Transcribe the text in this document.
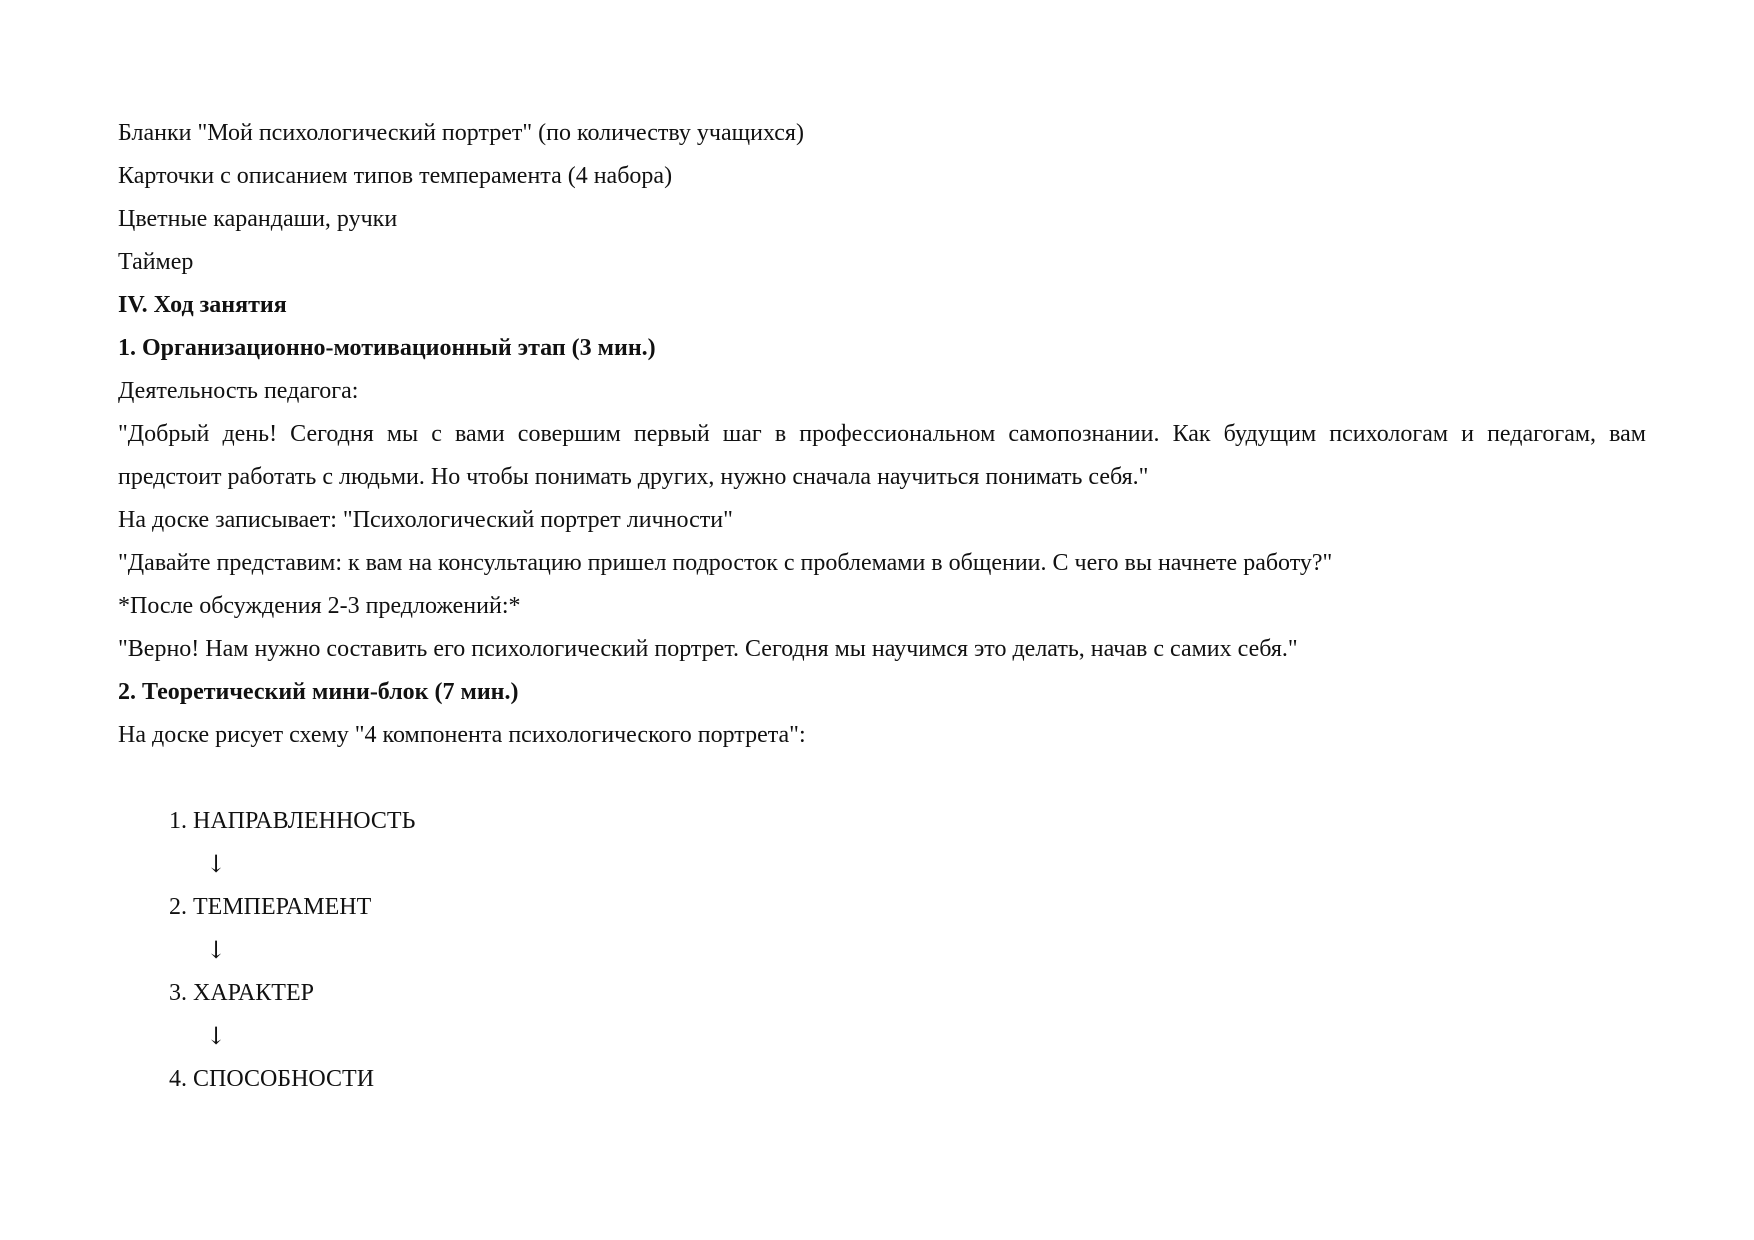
Бланки "Мой психологический портрет" (по количеству учащихся)
Карточки с описанием типов темперамента (4 набора)
Цветные карандаши, ручки
Таймер
IV. Ход занятия
1. Организационно-мотивационный этап (3 мин.)
Деятельность педагога:
"Добрый день! Сегодня мы с вами совершим первый шаг в профессиональном самопознании. Как будущим психологам и педагогам, вам
предстоит работать с людьми. Но чтобы понимать других, нужно сначала научиться понимать себя."
На доске записывает: "Психологический портрет личности"
"Давайте представим: к вам на консультацию пришел подросток с проблемами в общении. С чего вы начнете работу?"
*После обсуждения 2-3 предложений:*
"Верно! Нам нужно составить его психологический портрет. Сегодня мы научимся это делать, начав с самих себя."
2. Теоретический мини-блок (7 мин.)
На доске рисует схему "4 компонента психологического портрета":
1. НАПРАВЛЕННОСТЬ
↓
2. ТЕМПЕРАМЕНТ
↓
3. ХАРАКТЕР
↓
4. СПОСОБНОСТИ
